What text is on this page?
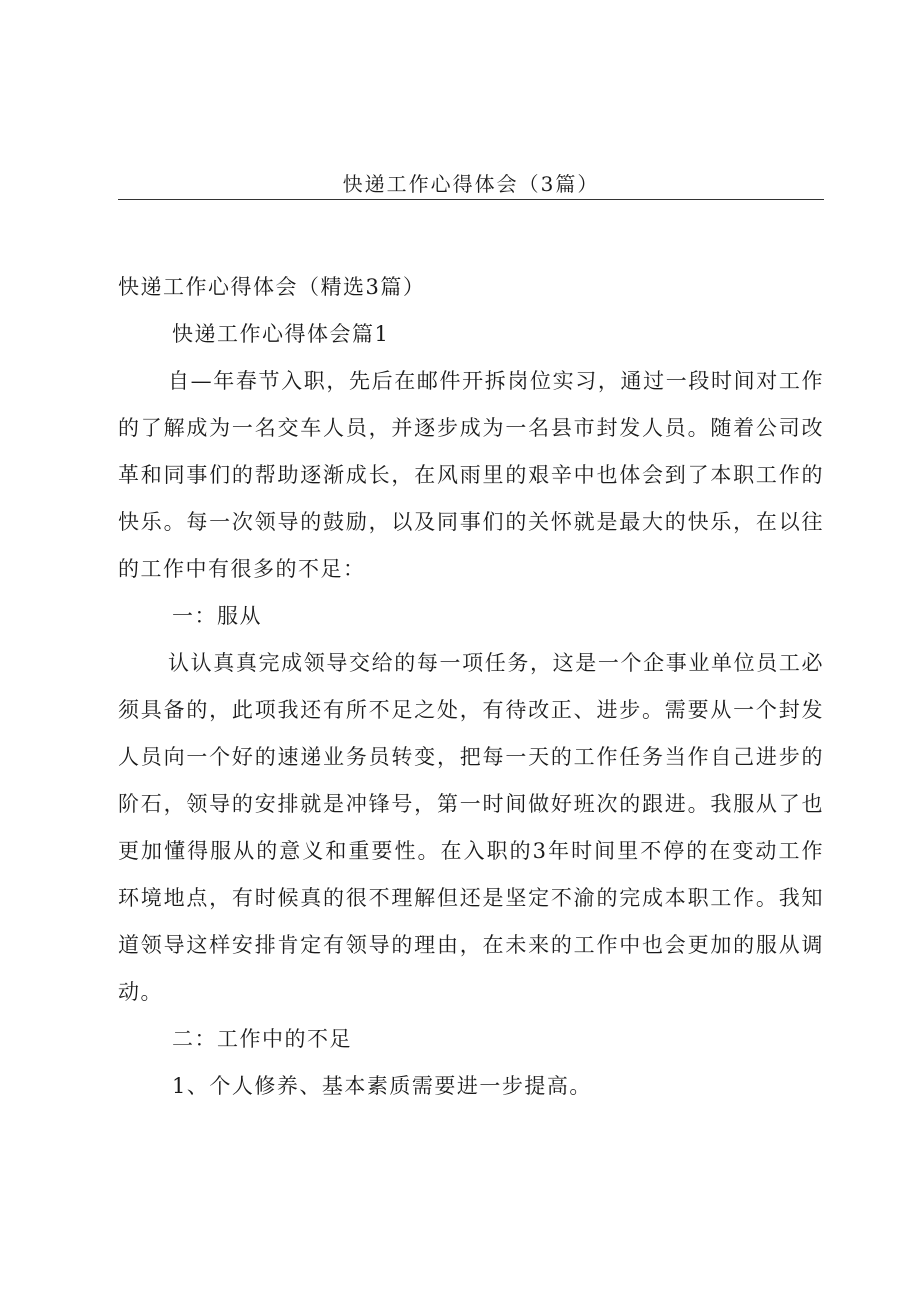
快递工作心得体会（3篇）

快递工作心得体会（精选3篇）

快递工作心得体会篇1

自—年春节入职，先后在邮件开拆岗位实习，通过一段时间对工作的了解成为一名交车人员，并逐步成为一名县市封发人员。随着公司改革和同事们的帮助逐渐成长，在风雨里的艰辛中也体会到了本职工作的快乐。每一次领导的鼓励，以及同事们的关怀就是最大的快乐，在以往的工作中有很多的不足：

一：服从

认认真真完成领导交给的每一项任务，这是一个企事业单位员工必须具备的，此项我还有所不足之处，有待改正、进步。需要从一个封发人员向一个好的速递业务员转变，把每一天的工作任务当作自己进步的阶石，领导的安排就是冲锋号，第一时间做好班次的跟进。我服从了也更加懂得服从的意义和重要性。在入职的3年时间里不停的在变动工作环境地点，有时候真的很不理解但还是坚定不渝的完成本职工作。我知道领导这样安排肯定有领导的理由，在未来的工作中也会更加的服从调动。

二：工作中的不足

1、个人修养、基本素质需要进一步提高。
